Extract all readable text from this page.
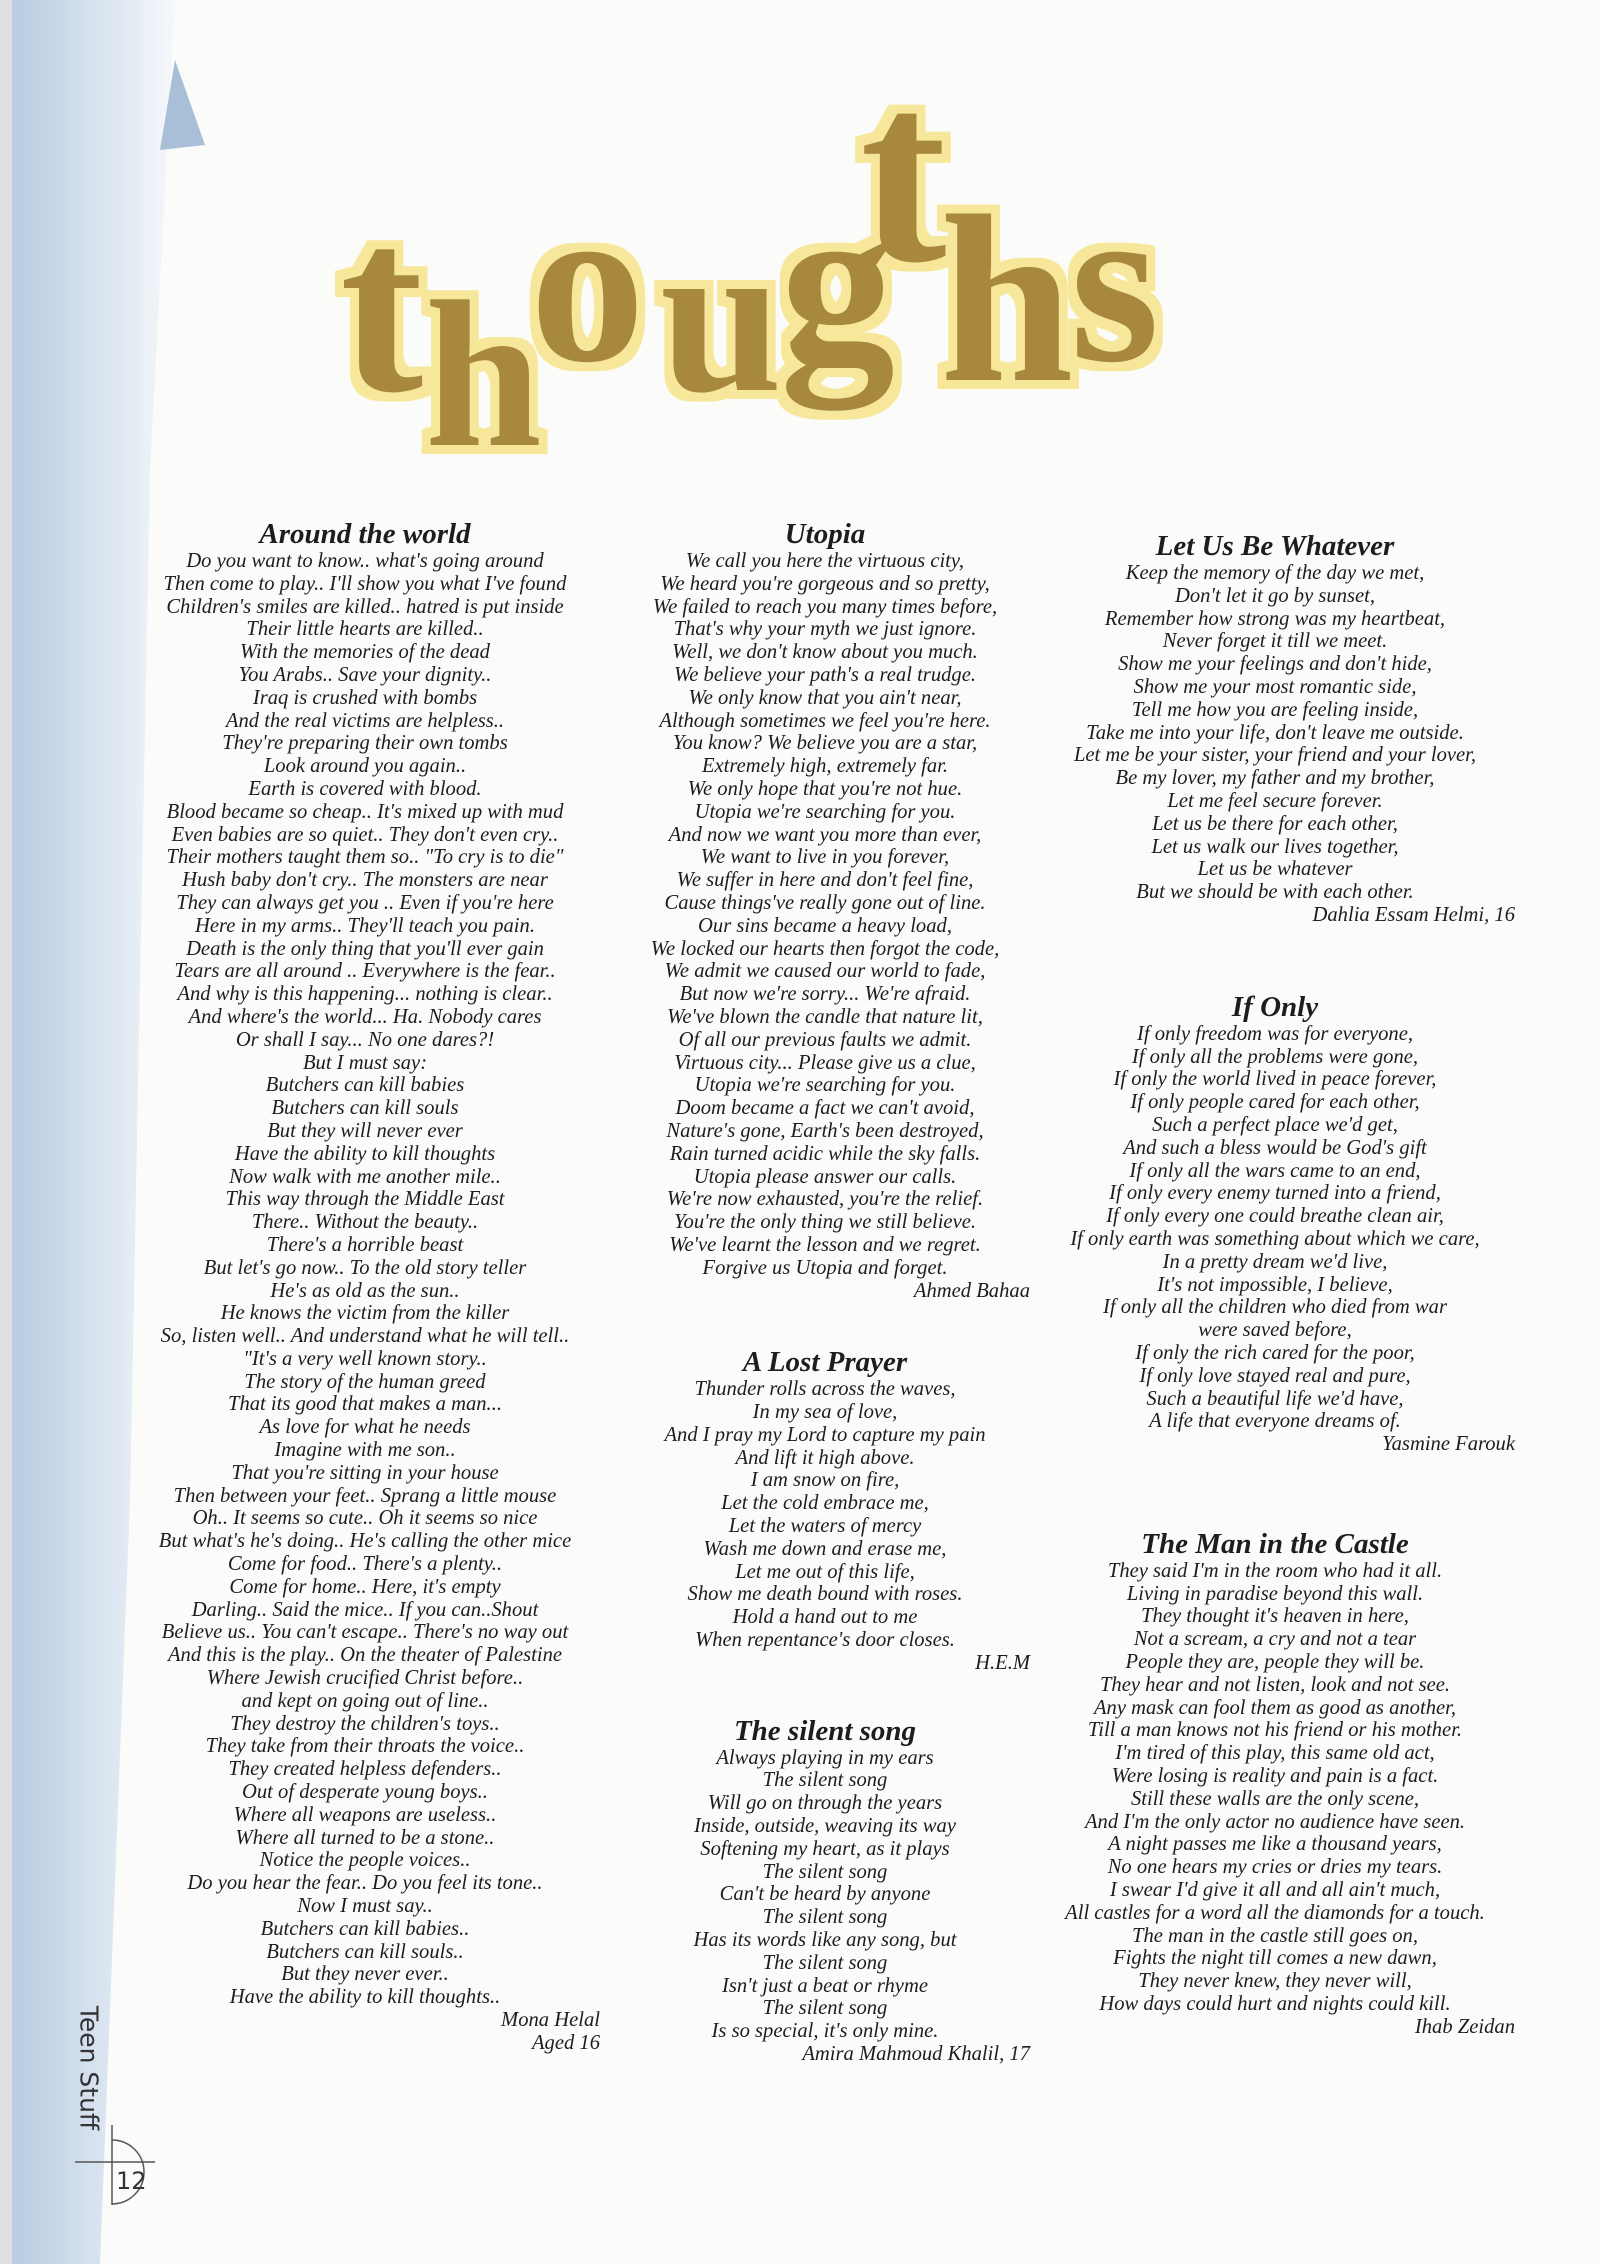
t h
o u
g
t
h
s
Around the world
Do you want to know.. what's going around
Then come to play.. I'll show you what I've found
Children's smiles are killed.. hatred is put inside
Their little hearts are killed..
With the memories of the dead
You Arabs.. Save your dignity..
Iraq is crushed with bombs
And the real victims are helpless..
They're preparing their own tombs
Look around you again..
Earth is covered with blood.
Blood became so cheap.. It's mixed up with mud
Even babies are so quiet.. They don't even cry..
Their mothers taught them so.. "To cry is to die"
Hush baby don't cry.. The monsters are near
They can always get you .. Even if you're here
Here in my arms.. They'll teach you pain.
Death is the only thing that you'll ever gain
Tears are all around .. Everywhere is the fear..
And why is this happening... nothing is clear..
And where's the world... Ha. Nobody cares
Or shall I say... No one dares?!
But I must say:
Butchers can kill babies
Butchers can kill souls
But they will never ever
Have the ability to kill thoughts
Now walk with me another mile..
This way through the Middle East
There.. Without the beauty..
There's a horrible beast
But let's go now.. To the old story teller
He's as old as the sun..
He knows the victim from the killer
So, listen well.. And understand what he will tell..
"It's a very well known story..
The story of the human greed
That its good that makes a man...
As love for what he needs
Imagine with me son..
That you're sitting in your house
Then between your feet.. Sprang a little mouse
Oh.. It seems so cute.. Oh it seems so nice
But what's he's doing.. He's calling the other mice
Come for food.. There's a plenty..
Come for home.. Here, it's empty
Darling.. Said the mice.. If you can..Shout
Believe us.. You can't escape.. There's no way out
And this is the play.. On the theater of Palestine
Where Jewish crucified Christ before..
and kept on going out of line..
They destroy the children's toys..
They take from their throats the voice..
They created helpless defenders..
Out of desperate young boys..
Where all weapons are useless..
Where all turned to be a stone..
Notice the people voices..
Do you hear the fear.. Do you feel its tone..
Now I must say..
Butchers can kill babies..
Butchers can kill souls..
But they never ever..
Have the ability to kill thoughts..
Mona Helal
Aged 16
Utopia
We call you here the virtuous city,
We heard you're gorgeous and so pretty,
We failed to reach you many times before,
That's why your myth we just ignore.
Well, we don't know about you much.
We believe your path's a real trudge.
We only know that you ain't near,
Although sometimes we feel you're here.
You know? We believe you are a star,
Extremely high, extremely far.
We only hope that you're not hue.
Utopia we're searching for you.
And now we want you more than ever,
We want to live in you forever,
We suffer in here and don't feel fine,
Cause things've really gone out of line.
Our sins became a heavy load,
We locked our hearts then forgot the code,
We admit we caused our world to fade,
But now we're sorry... We're afraid.
We've blown the candle that nature lit,
Of all our previous faults we admit.
Virtuous city... Please give us a clue,
Utopia we're searching for you.
Doom became a fact we can't avoid,
Nature's gone, Earth's been destroyed,
Rain turned acidic while the sky falls.
Utopia please answer our calls.
We're now exhausted, you're the relief.
You're the only thing we still believe.
We've learnt the lesson and we regret.
Forgive us Utopia and forget.
Ahmed Bahaa
A Lost Prayer
Thunder rolls across the waves,
In my sea of love,
And I pray my Lord to capture my pain
And lift it high above.
I am snow on fire,
Let the cold embrace me,
Let the waters of mercy
Wash me down and erase me,
Let me out of this life,
Show me death bound with roses.
Hold a hand out to me
When repentance's door closes.
H.E.M
The silent song
Always playing in my ears
The silent song
Will go on through the years
Inside, outside, weaving its way
Softening my heart, as it plays
The silent song
Can't be heard by anyone
The silent song
Has its words like any song, but
The silent song
Isn't just a beat or rhyme
The silent song
Is so special, it's only mine.
Amira Mahmoud Khalil, 17
Let Us Be Whatever
Keep the memory of the day we met,
Don't let it go by sunset,
Remember how strong was my heartbeat,
Never forget it till we meet.
Show me your feelings and don't hide,
Show me your most romantic side,
Tell me how you are feeling inside,
Take me into your life, don't leave me outside.
Let me be your sister, your friend and your lover,
Be my lover, my father and my brother,
Let me feel secure forever.
Let us be there for each other,
Let us walk our lives together,
Let us be whatever
But we should be with each other.
Dahlia Essam Helmi, 16
If Only
If only freedom was for everyone,
If only all the problems were gone,
If only the world lived in peace forever,
If only people cared for each other,
Such a perfect place we'd get,
And such a bless would be God's gift
If only all the wars came to an end,
If only every enemy turned into a friend,
If only every one could breathe clean air,
If only earth was something about which we care,
In a pretty dream we'd live,
It's not impossible, I believe,
If only all the children who died from war
were saved before,
If only the rich cared for the poor,
If only love stayed real and pure,
Such a beautiful life we'd have,
A life that everyone dreams of.
Yasmine Farouk
The Man in the Castle
They said I'm in the room who had it all.
Living in paradise beyond this wall.
They thought it's heaven in here,
Not a scream, a cry and not a tear
People they are, people they will be.
They hear and not listen, look and not see.
Any mask can fool them as good as another,
Till a man knows not his friend or his mother.
I'm tired of this play, this same old act,
Were losing is reality and pain is a fact.
Still these walls are the only scene,
And I'm the only actor no audience have seen.
A night passes me like a thousand years,
No one hears my cries or dries my tears.
I swear I'd give it all and all ain't much,
All castles for a word all the diamonds for a touch.
The man in the castle still goes on,
Fights the night till comes a new dawn,
They never knew, they never will,
How days could hurt and nights could kill.
Ihab Zeidan
Teen Stuff
12
